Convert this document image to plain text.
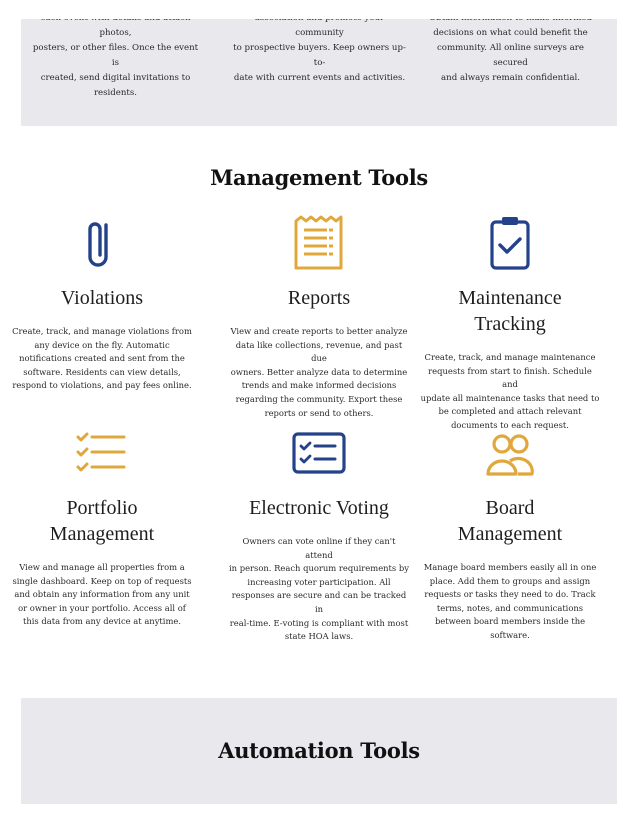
photos,
posters, or other files. Once the event is
created, send digital invitations to
residents.
community
to prospective buyers. Keep owners up-to-
date with current events and activities.

decisions on what could benefit the
community. All online surveys are secured
and always remain confidential.
Management Tools
Violations
Create, track, and manage violations from
any device on the fly. Automatic
notifications created and sent from the
software. Residents can view details,
respond to violations, and pay fees online.
Reports
View and create reports to better analyze
data like collections, revenue, and past due
owners. Better analyze data to determine
trends and make informed decisions
regarding the community. Export these
reports or send to others.
Maintenance
Tracking
Create, track, and manage maintenance
requests from start to finish. Schedule and
update all maintenance tasks that need to
be completed and attach relevant
documents to each request.
Portfolio
Management
View and manage all properties from a
single dashboard. Keep on top of requests
and obtain any information from any unit
or owner in your portfolio. Access all of
this data from any device at anytime.
Electronic Voting
Owners can vote online if they can't attend
in person. Reach quorum requirements by
increasing voter participation. All
responses are secure and can be tracked in
real-time. E-voting is compliant with most
state HOA laws.
Board
Management
Manage board members easily all in one
place. Add them to groups and assign
requests or tasks they need to do. Track
terms, notes, and communications
between board members inside the
software.
Automation Tools
